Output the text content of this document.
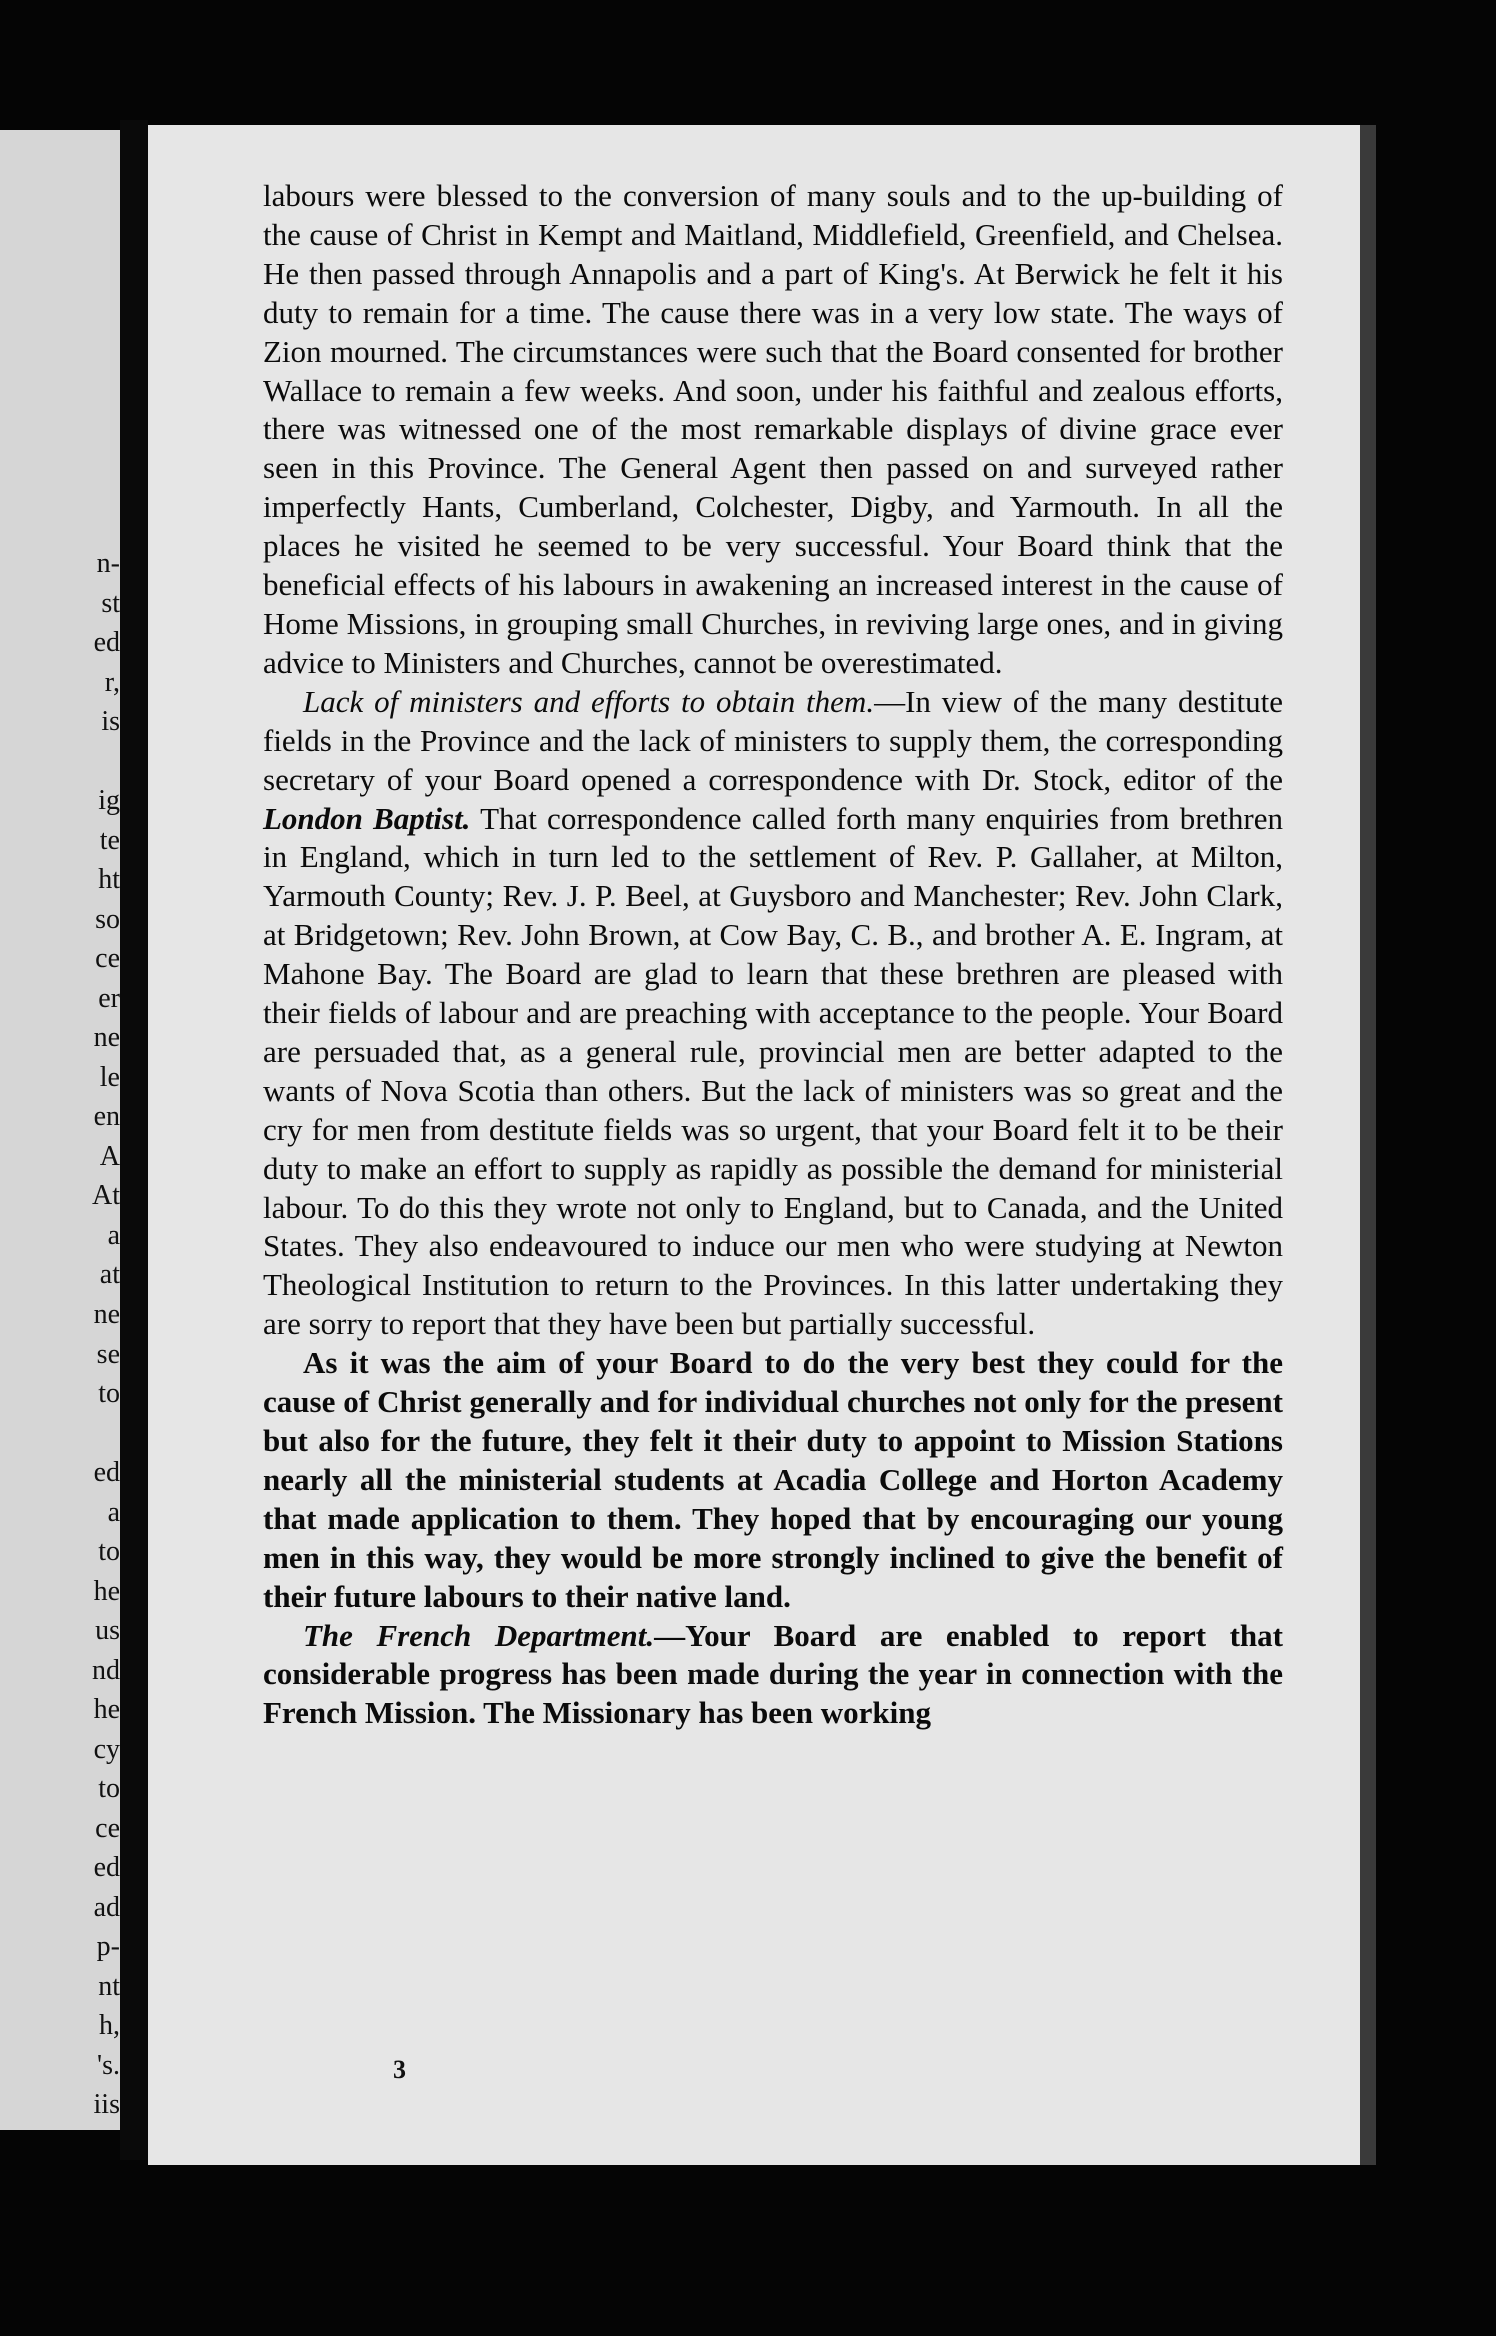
n-
st
ed
r,
is
ig
te
ht
so
ce
er
ne
le
en
A
At
a
at
ne
se
to
ed
a
to
he
us
nd
he
cy
to
ce
ed
ad
p-
nt
h,
's.
iis

labours were blessed to the conversion of many souls and to the up-building of the cause of Christ in Kempt and Maitland, Middlefield, Greenfield, and Chelsea. He then passed through Annapolis and a part of King's. At Berwick he felt it his duty to remain for a time. The cause there was in a very low state. The ways of Zion mourned. The circumstances were such that the Board consented for brother Wallace to remain a few weeks. And soon, under his faithful and zealous efforts, there was witnessed one of the most remarkable displays of divine grace ever seen in this Province. The General Agent then passed on and surveyed rather imperfectly Hants, Cumberland, Colchester, Digby, and Yarmouth. In all the places he visited he seemed to be very successful. Your Board think that the beneficial effects of his labours in awakening an increased interest in the cause of Home Missions, in grouping small Churches, in reviving large ones, and in giving advice to Ministers and Churches, cannot be overestimated.

Lack of ministers and efforts to obtain them.—In view of the many destitute fields in the Province and the lack of ministers to supply them, the corresponding secretary of your Board opened a correspondence with Dr. Stock, editor of the London Baptist. That correspondence called forth many enquiries from brethren in England, which in turn led to the settlement of Rev. P. Gallaher, at Milton, Yarmouth County; Rev. J. P. Beel, at Guysboro and Manchester; Rev. John Clark, at Bridgetown; Rev. John Brown, at Cow Bay, C. B., and brother A. E. Ingram, at Mahone Bay. The Board are glad to learn that these brethren are pleased with their fields of labour and are preaching with acceptance to the people. Your Board are persuaded that, as a general rule, provincial men are better adapted to the wants of Nova Scotia than others. But the lack of ministers was so great and the cry for men from destitute fields was so urgent, that your Board felt it to be their duty to make an effort to supply as rapidly as possible the demand for ministerial labour. To do this they wrote not only to England, but to Canada, and the United States. They also endeavoured to induce our men who were studying at Newton Theological Institution to return to the Provinces. In this latter undertaking they are sorry to report that they have been but partially successful.

As it was the aim of your Board to do the very best they could for the cause of Christ generally and for individual churches not only for the present but also for the future, they felt it their duty to appoint to Mission Stations nearly all the ministerial students at Acadia College and Horton Academy that made application to them. They hoped that by encouraging our young men in this way, they would be more strongly inclined to give the benefit of their future labours to their native land.

The French Department.—Your Board are enabled to report that considerable progress has been made during the year in connection with the French Mission. The Missionary has been working

3
